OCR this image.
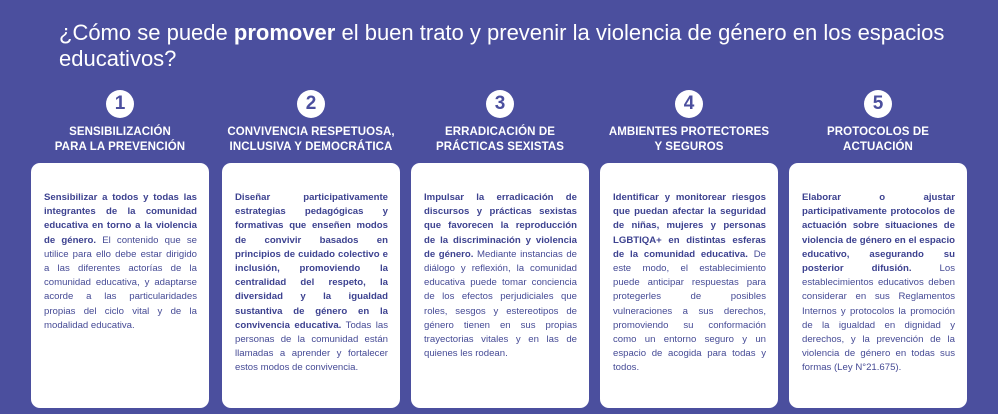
¿Cómo se puede promover el buen trato y prevenir la violencia de género en los espacios educativos?
1
SENSIBILIZACIÓN
PARA LA PREVENCIÓN
Sensibilizar a todos y todas las integrantes de la comunidad educativa en torno a la violencia de género. El contenido que se utilice para ello debe estar dirigido a las diferentes actorías de la comunidad educativa, y adaptarse acorde a las particularidades propias del ciclo vital y de la modalidad educativa.
2
CONVIVENCIA RESPETUOSA,
INCLUSIVA Y DEMOCRÁTICA
Diseñar participativamente estrategias pedagógicas y formativas que enseñen modos de convivir basados en principios de cuidado colectivo e inclusión, promoviendo la centralidad del respeto, la diversidad y la igualdad sustantiva de género en la convivencia educativa. Todas las personas de la comunidad están llamadas a aprender y fortalecer estos modos de convivencia.
3
ERRADICACIÓN DE
PRÁCTICAS SEXISTAS
Impulsar la erradicación de discursos y prácticas sexistas que favorecen la reproducción de la discriminación y violencia de género. Mediante instancias de diálogo y reflexión, la comunidad educativa puede tomar conciencia de los efectos perjudiciales que roles, sesgos y estereotipos de género tienen en sus propias trayectorias vitales y en las de quienes les rodean.
4
AMBIENTES PROTECTORES
Y SEGUROS
Identificar y monitorear riesgos que puedan afectar la seguridad de niñas, mujeres y personas LGBTIQA+ en distintas esferas de la comunidad educativa. De este modo, el establecimiento puede anticipar respuestas para protegerles de posibles vulneraciones a sus derechos, promoviendo su conformación como un entorno seguro y un espacio de acogida para todas y todos.
5
PROTOCOLOS DE
ACTUACIÓN
Elaborar o ajustar participativamente protocolos de actuación sobre situaciones de violencia de género en el espacio educativo, asegurando su posterior difusión. Los establecimientos educativos deben considerar en sus Reglamentos Internos y protocolos la promoción de la igualdad en dignidad y derechos, y la prevención de la violencia de género en todas sus formas (Ley N°21.675).
